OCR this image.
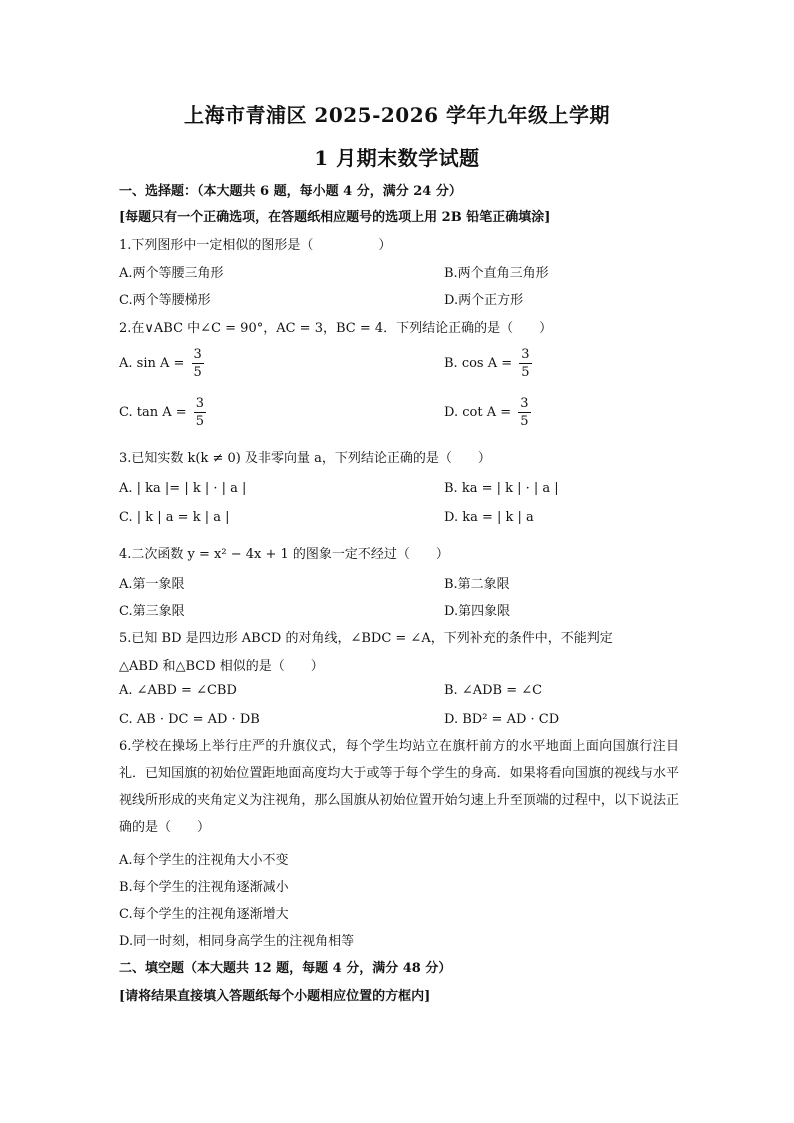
上海市青浦区 2025-2026 学年九年级上学期
1 月期末数学试题
一、选择题：（本大题共 6 题，每小题 4 分，满分 24 分）
[每题只有一个正确选项，在答题纸相应题号的选项上用 2B 铅笔正确填涂]
1.下列图形中一定相似的图形是（　　　　　）
A.两个等腰三角形	B.两个直角三角形
C.两个等腰梯形	D.两个正方形
2.在∨ABC 中∠C = 90°，AC = 3，BC = 4．下列结论正确的是（　　）
A. $\sin A = \frac{3}{5}$	B. $\cos A = \frac{3}{5}$
C. $\tan A = \frac{3}{5}$	D. $\cot A = \frac{3}{5}$
3.已知实数 k(k ≠ 0) 及非零向量 a，下列结论正确的是（　　）
A. | ka |= | k | · | a |	B. ka = | k | · | a |
C. | k | a = k | a |	D. ka = | k | a
4.二次函数 y = x² − 4x + 1 的图象一定不经过（　　）
A.第一象限	B.第二象限
C.第三象限	D.第四象限
5.已知 BD 是四边形 ABCD 的对角线，∠BDC = ∠A，下列补充的条件中，不能判定
△ABD 和△BCD 相似的是（　　）
A. ∠ABD = ∠CBD	B. ∠ADB = ∠C
C. AB · DC = AD · DB	D. BD² = AD · CD
6.学校在操场上举行庄严的升旗仪式，每个学生均站立在旗杆前方的水平地面上面向国旗行注目礼．已知国旗的初始位置距地面高度均大于或等于每个学生的身高．如果将看向国旗的视线与水平视线所形成的夹角定义为注视角，那么国旗从初始位置开始匀速上升至顶端的过程中，以下说法正确的是（　　）
A.每个学生的注视角大小不变
B.每个学生的注视角逐渐减小
C.每个学生的注视角逐渐增大
D.同一时刻，相同身高学生的注视角相等
二、填空题（本大题共 12 题，每题 4 分，满分 48 分）
[请将结果直接填入答题纸每个小题相应位置的方框内]
